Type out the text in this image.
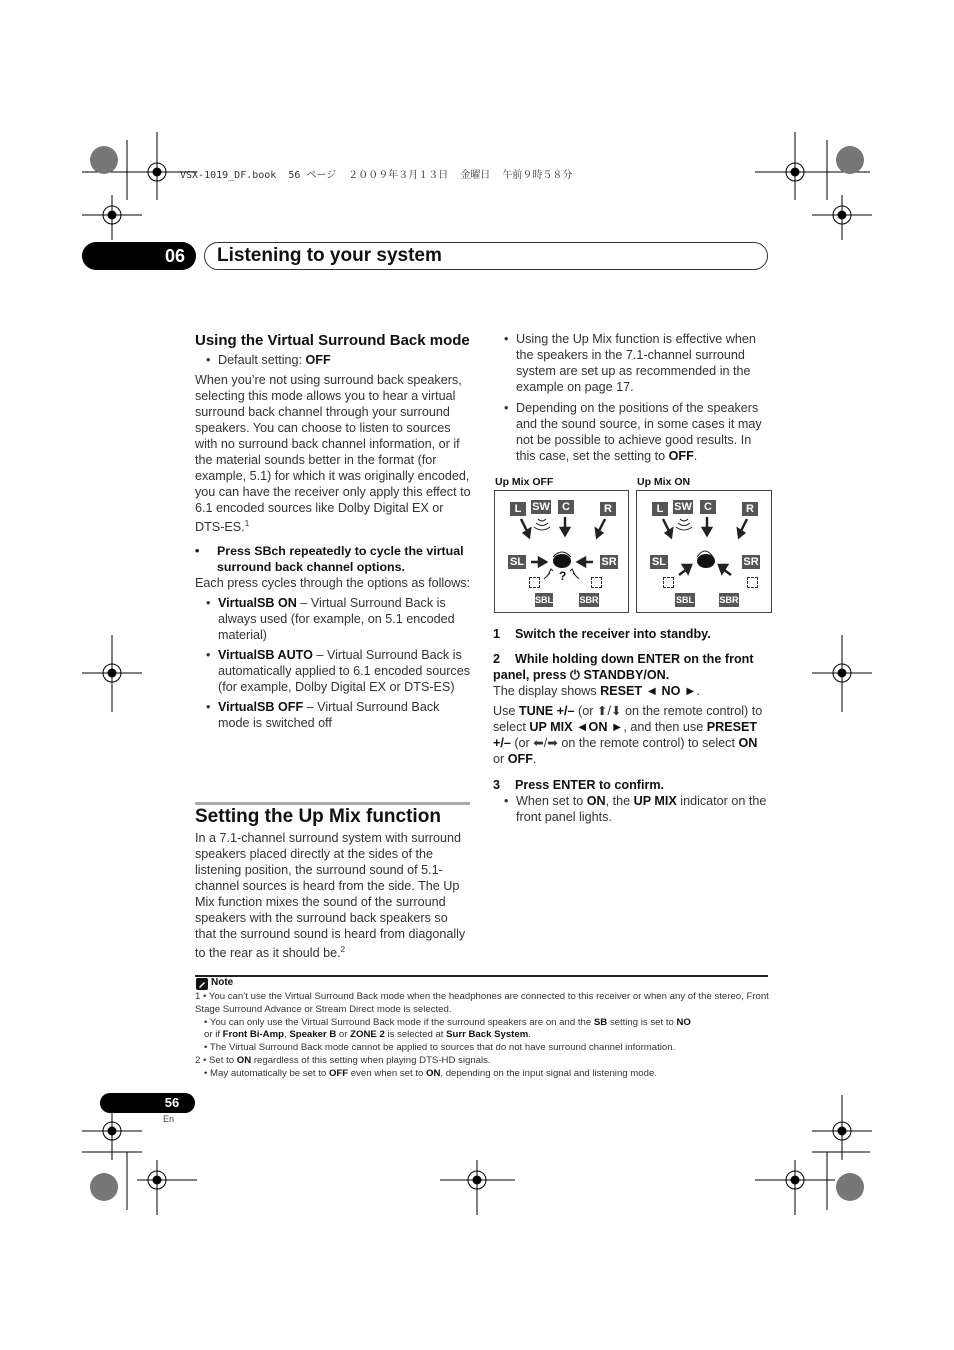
VSX-1019_DF.book  56 ページ  ２００９年３月１３日  金曜日  午前９時５８分
06 Listening to your system
Using the Virtual Surround Back mode
• Default setting: OFF
When you’re not using surround back speakers, selecting this mode allows you to hear a virtual surround back channel through your surround speakers. You can choose to listen to sources with no surround back channel information, or if the material sounds better in the format (for example, 5.1) for which it was originally encoded, you can have the receiver only apply this effect to 6.1 encoded sources like Dolby Digital EX or DTS-ES.$^1$
• Press SBch repeatedly to cycle the virtual surround back channel options.
Each press cycles through the options as follows:
• VirtualSB ON – Virtual Surround Back is always used (for example, on 5.1 encoded material)
• VirtualSB AUTO – Virtual Surround Back is automatically applied to 6.1 encoded sources (for example, Dolby Digital EX or DTS-ES)
• VirtualSB OFF – Virtual Surround Back mode is switched off
Setting the Up Mix function
In a 7.1-channel surround system with surround speakers placed directly at the sides of the listening position, the surround sound of 5.1-channel sources is heard from the side. The Up Mix function mixes the sound of the surround speakers with the surround back speakers so that the surround sound is heard from diagonally to the rear as it should be.$^2$
• Using the Up Mix function is effective when the speakers in the 7.1-channel surround system are set up as recommended in the example on page 17.
• Depending on the positions of the speakers and the sound source, in some cases it may not be possible to achieve good results. In this case, set the setting to OFF.
Up Mix OFF	Up Mix ON
L SW	C	R
SL	SR
SBL	SBR
?
L SW	C	R
SL	SR
SBL	SBR
1 Switch the receiver into standby.
2 While holding down ENTER on the front panel, press ⏻ STANDBY/ON.
The display shows RESET ◄ NO ►.
Use TUNE +/– (or ⬆/⬇ on the remote control) to select UP MIX ◄ON ►, and then use PRESET +/– (or ⬅/➡ on the remote control) to select ON or OFF.
3 Press ENTER to confirm.
• When set to ON, the UP MIX indicator on the front panel lights.
Note
1 • You can’t use the Virtual Surround Back mode when the headphones are connected to this receiver or when any of the stereo, Front Stage Surround Advance or Stream Direct mode is selected.
• You can only use the Virtual Surround Back mode if the surround speakers are on and the SB setting is set to NO
or if Front Bi-Amp, Speaker B or ZONE 2 is selected at Surr Back System.
• The Virtual Surround Back mode cannot be applied to sources that do not have surround channel information.
2 • Set to ON regardless of this setting when playing DTS-HD signals.
• May automatically be set to OFF even when set to ON, depending on the input signal and listening mode.
56
En
